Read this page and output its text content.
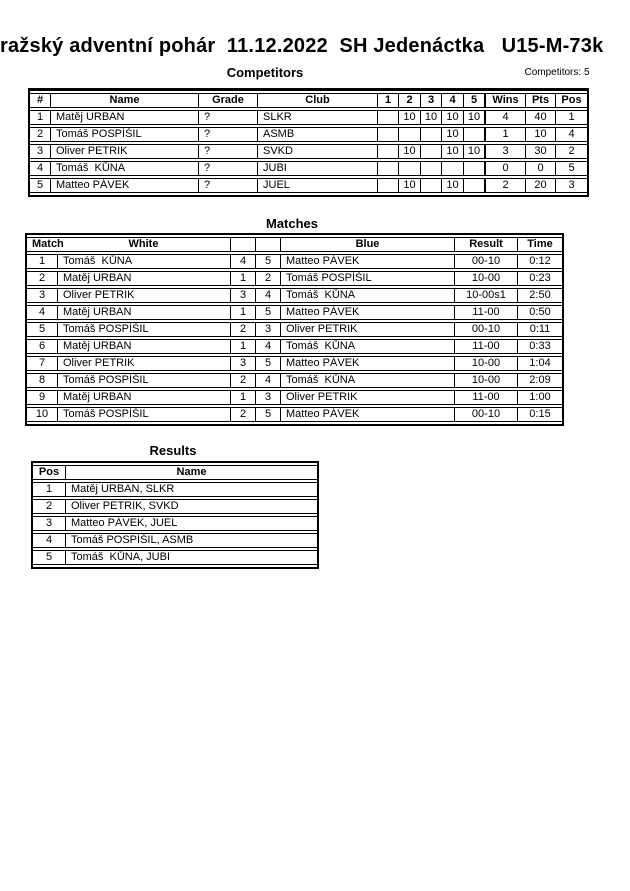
ražský adventní pohár  11.12.2022  SH Jedenáctka   U15-M-73k
Competitors	Competitors: 5
#	Name	Grade	Club	1	2	3	4	5	Wins	Pts	Pos
1	Matěj URBAN	?	SLKR		10	10	10	10	4	40	1
2	Tomáš POSPÍŠIL	?	ASMB				10		1	10	4
3	Oliver PETRIK	?	SVKD		10		10	10	3	30	2
4	Tomáš  KŮNA	?	JUBI						0	0	5
5	Matteo PÁVEK	?	JUEL		10		10		2	20	3
Matches
Match	White			Blue	Result	Time
1	Tomáš  KŮNA	4	5	Matteo PÁVEK	00-10	0:12
2	Matěj URBAN	1	2	Tomáš POSPÍŠIL	10-00	0:23
3	Oliver PETRIK	3	4	Tomáš  KŮNA	10-00s1	2:50
4	Matěj URBAN	1	5	Matteo PÁVEK	11-00	0:50
5	Tomáš POSPÍŠIL	2	3	Oliver PETRIK	00-10	0:11
6	Matěj URBAN	1	4	Tomáš  KŮNA	11-00	0:33
7	Oliver PETRIK	3	5	Matteo PÁVEK	10-00	1:04
8	Tomáš POSPÍŠIL	2	4	Tomáš  KŮNA	10-00	2:09
9	Matěj URBAN	1	3	Oliver PETRIK	11-00	1:00
10	Tomáš POSPÍŠIL	2	5	Matteo PÁVEK	00-10	0:15
Results
Pos	Name
1	Matěj URBAN, SLKR
2	Oliver PETRIK, SVKD
3	Matteo PÁVEK, JUEL
4	Tomáš POSPÍŠIL, ASMB
5	Tomáš  KŮNA, JUBI
